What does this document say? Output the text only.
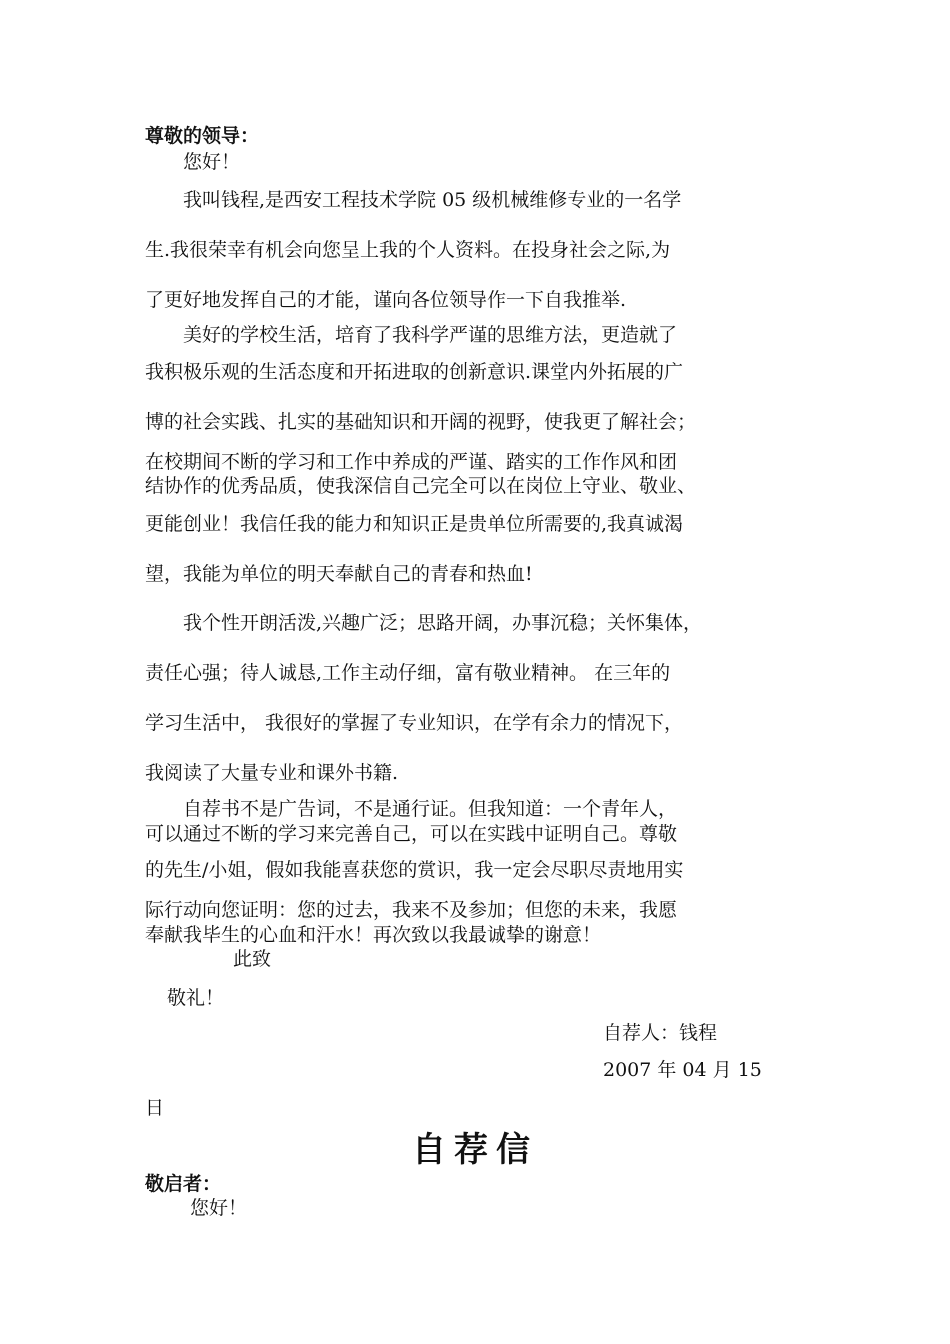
尊敬的领导：

您好！

我叫钱程,是西安工程技术学院 05 级机械维修专业的一名学

生.我很荣幸有机会向您呈上我的个人资料。在投身社会之际,为

了更好地发挥自己的才能，谨向各位领导作一下自我推举.

美好的学校生活，培育了我科学严谨的思维方法，更造就了

我积极乐观的生活态度和开拓进取的创新意识.课堂内外拓展的广

博的社会实践、扎实的基础知识和开阔的视野，使我更了解社会；

在校期间不断的学习和工作中养成的严谨、踏实的工作作风和团

结协作的优秀品质，使我深信自己完全可以在岗位上守业、敬业、

更能创业！我信任我的能力和知识正是贵单位所需要的,我真诚渴

望，我能为单位的明天奉献自己的青春和热血!

我个性开朗活泼,兴趣广泛；思路开阔，办事沉稳；关怀集体，

责任心强；待人诚恳,工作主动仔细，富有敬业精神。 在三年的

学习生活中， 我很好的掌握了专业知识，在学有余力的情况下，

我阅读了大量专业和课外书籍.

自荐书不是广告词，不是通行证。但我知道：一个青年人，

可以通过不断的学习来完善自己，可以在实践中证明自己。尊敬

的先生/小姐，假如我能喜获您的赏识，我一定会尽职尽责地用实

际行动向您证明：您的过去，我来不及参加；但您的未来，我愿

奉献我毕生的心血和汗水！再次致以我最诚挚的谢意！

此致

敬礼！

自荐人：钱程

2007 年 04 月 15

日

自荐信

敬启者：

您好！
